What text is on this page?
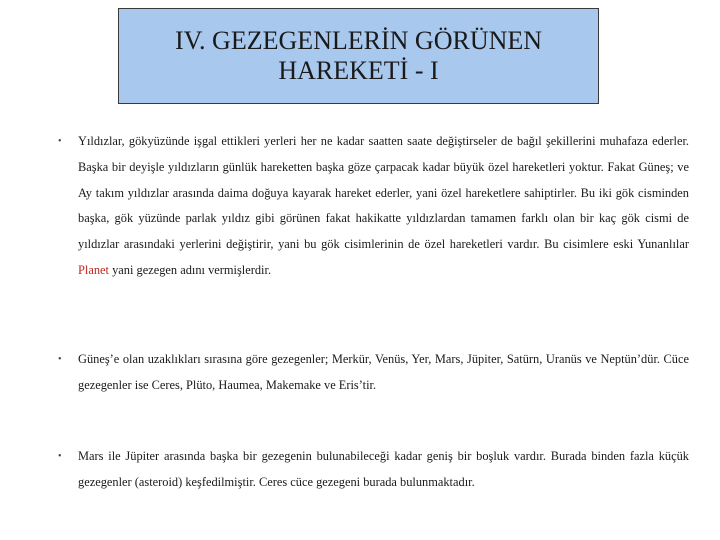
IV. GEZEGENLERİN GÖRÜNEN
HAREKETİ - I

• Yıldızlar, gökyüzünde işgal ettikleri yerleri her ne kadar saatten saate değiştirseler de bağıl şekillerini muhafaza ederler. Başka bir deyişle yıldızların günlük hareketten başka göze çarpacak kadar büyük özel hareketleri yoktur. Fakat Güneş; ve Ay takım yıldızlar arasında daima doğuya kayarak hareket ederler, yani özel hareketlere sahiptirler. Bu iki gök cisminden başka, gök yüzünde parlak yıldız gibi görünen fakat hakikatte yıldızlardan tamamen farklı olan bir kaç gök cismi de yıldızlar arasındaki yerlerini değiştirir, yani bu gök cisimlerinin de özel hareketleri vardır. Bu cisimlere eski Yunanlılar Planet yani gezegen adını vermişlerdir.

• Güneş’e olan uzaklıkları sırasına göre gezegenler; Merkür, Venüs, Yer, Mars, Jüpiter, Satürn, Uranüs ve Neptün’dür. Cüce gezegenler ise Ceres, Plüto, Haumea, Makemake ve Eris’tir.

• Mars ile Jüpiter arasında başka bir gezegenin bulunabileceği kadar geniş bir boşluk vardır. Burada binden fazla küçük gezegenler (asteroid) keşfedilmiştir. Ceres cüce gezegeni burada bulunmaktadır.
